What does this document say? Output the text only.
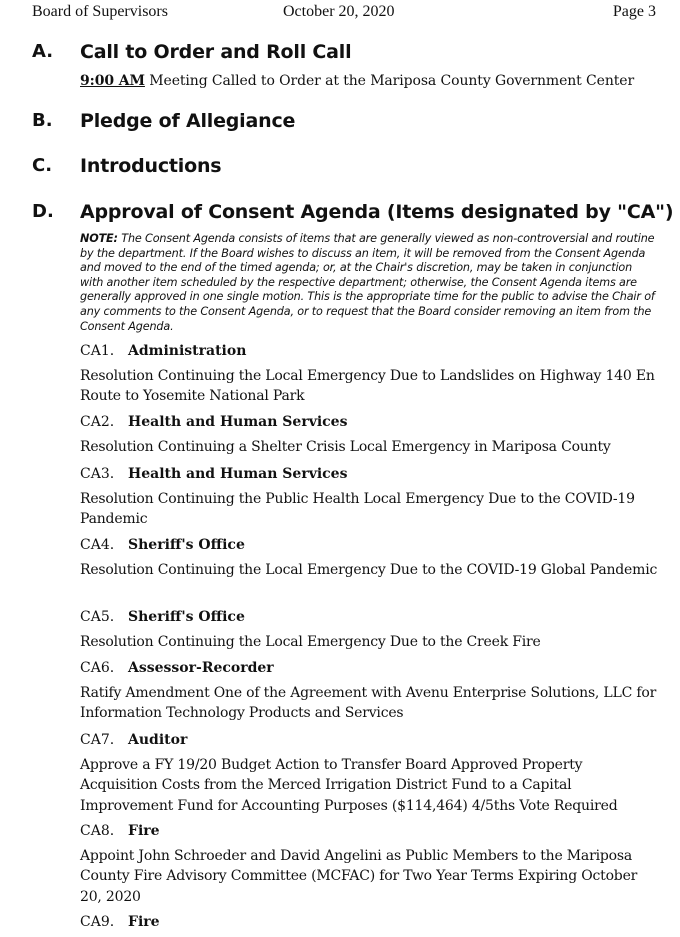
Board of Supervisors	October 20, 2020	Page 3
A. Call to Order and Roll Call
9:00 AM Meeting Called to Order at the Mariposa County Government Center
B. Pledge of Allegiance
C. Introductions
D. Approval of Consent Agenda (Items designated by "CA")
NOTE: The Consent Agenda consists of items that are generally viewed as non-controversial and routine by the department. If the Board wishes to discuss an item, it will be removed from the Consent Agenda and moved to the end of the timed agenda; or, at the Chair's discretion, may be taken in conjunction with another item scheduled by the respective department; otherwise, the Consent Agenda items are generally approved in one single motion. This is the appropriate time for the public to advise the Chair of any comments to the Consent Agenda, or to request that the Board consider removing an item from the Consent Agenda.
CA1. Administration
Resolution Continuing the Local Emergency Due to Landslides on Highway 140 En Route to Yosemite National Park
CA2. Health and Human Services
Resolution Continuing a Shelter Crisis Local Emergency in Mariposa County
CA3. Health and Human Services
Resolution Continuing the Public Health Local Emergency Due to the COVID-19 Pandemic
CA4. Sheriff's Office
Resolution Continuing the Local Emergency Due to the COVID-19 Global Pandemic
CA5. Sheriff's Office
Resolution Continuing the Local Emergency Due to the Creek Fire
CA6. Assessor-Recorder
Ratify Amendment One of the Agreement with Avenu Enterprise Solutions, LLC for Information Technology Products and Services
CA7. Auditor
Approve a FY 19/20 Budget Action to Transfer Board Approved Property Acquisition Costs from the Merced Irrigation District Fund to a Capital Improvement Fund for Accounting Purposes ($114,464) 4/5ths Vote Required
CA8. Fire
Appoint John Schroeder and David Angelini as Public Members to the Mariposa County Fire Advisory Committee (MCFAC) for Two Year Terms Expiring October 20, 2020
CA9. Fire
